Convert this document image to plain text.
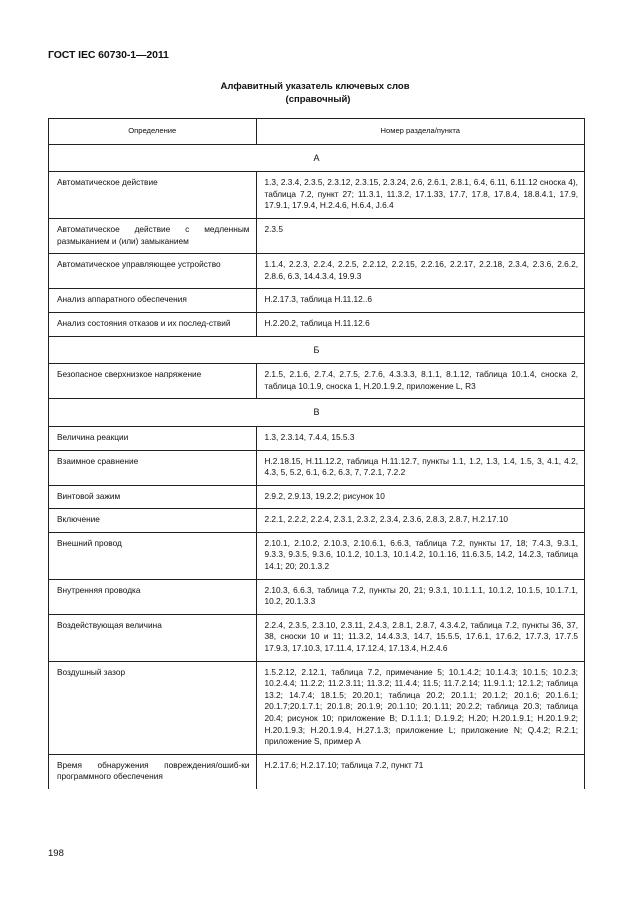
ГОСТ IEC 60730-1—2011
Алфавитный указатель ключевых слов
(справочный)
Определение	Номер раздела/пункта
А	
Автоматическое действие	1.3, 2.3.4, 2.3.5, 2.3.12, 2.3.15, 2.3.24, 2.6, 2.6.1, 2.8.1, 6.4, 6.11, 6.11.12 сноска 4), таблица 7.2, пункт 27; 11.3.1, 11.3.2, 17.1.33, 17.7, 17.8, 17.8.4, 18.8.4.1, 17.9, 17.9.1, 17.9.4, Н.2.4.6, Н.6.4, J.6.4
Автоматическое действие с медленным размыканием и (или) замыканием	2.3.5
Автоматическое управляющее устройство	1.1.4, 2.2.3, 2.2.4, 2.2.5, 2.2.12, 2.2.15, 2.2.16, 2.2.17, 2.2.18, 2.3.4, 2.3.6, 2.6.2, 2.8.6, 6.3, 14.4.3.4, 19.9.3
Анализ аппаратного обеспечения	Н.2.17.3, таблица Н.11.12..6
Анализ состояния отказов и их послед-ствий	Н.2.20.2, таблица Н.11.12.6
Б	
Безопасное сверхнизкое напряжение	2.1.5, 2.1.6, 2.7.4, 2.7.5, 2.7.6, 4.3.3.3, 8.1.1, 8.1.12, таблица 10.1.4, сноска 2, таблица 10.1.9, сноска 1, Н.20.1.9.2, приложение L, R3
В	
Величина реакции	1.3, 2.3.14, 7.4.4, 15.5.3
Взаимное сравнение	Н.2.18.15, Н.11.12.2, таблица Н.11.12.7, пункты 1.1, 1.2, 1.3, 1.4, 1.5, 3, 4.1, 4.2, 4.3, 5, 5.2, 6.1, 6.2, 6.3, 7, 7.2.1, 7.2.2
Винтовой зажим	2.9.2, 2.9.13, 19.2.2; рисунок 10
Включение	2.2.1, 2.2.2, 2.2.4, 2.3.1, 2.3.2, 2.3.4, 2.3.6, 2.8.3, 2.8.7, Н.2.17.10
Внешний провод	2.10.1, 2.10.2, 2.10.3, 2.10.6.1, 6.6.3, таблица 7.2, пункты 17, 18; 7.4.3, 9.3.1, 9.3.3, 9.3.5, 9.3.6, 10.1.2, 10.1.3, 10.1.4.2, 10.1.16, 11.6.3.5, 14.2, 14.2.3, таблица 14.1; 20; 20.1.3.2
Внутренняя проводка	2.10.3, 6.6.3, таблица 7.2, пункты 20, 21; 9.3.1, 10.1.1.1, 10.1.2, 10.1.5, 10.1.7.1, 10.2, 20.1.3.3
Воздействующая величина	2.2.4, 2.3.5, 2.3.10, 2.3.11, 2.4.3, 2.8.1, 2.8.7, 4.3.4.2, таблица 7.2, пункты 36, 37, 38, сноски 10 и 11; 11.3.2, 14.4.3.3, 14.7, 15.5.5, 17.6.1, 17.6.2, 17.7.3, 17.7.5 17.9.3, 17.10.3, 17.11.4, 17.12.4, 17.13.4, Н.2.4.6
Воздушный зазор	1.5.2.12, 2.12.1, таблица 7.2, примечание 5; 10.1.4.2; 10.1.4.3; 10.1.5; 10.2.3; 10.2.4.4; 11.2.2; 11.2.3.11; 11.3.2; 11.4.4; 11.5; 11.7.2.14; 11.9.1.1; 12.1.2; таблица 13.2; 14.7.4; 18.1.5; 20.20.1; таблица 20.2; 20.1.1; 20.1.2; 20.1.6; 20.1.6.1; 20.1.7;20.1.7.1; 20.1.8; 20.1.9; 20.1.10; 20.1.11; 20.2.2; таблица 20.3; таблица 20.4; рисунок 10; приложение В; D.1.1.1; D.1.9.2; Н.20; Н.20.1.9.1; Н.20.1.9.2; Н.20.1.9.3; Н.20.1.9.4, Н.27.1.3; приложение L; приложение N; Q.4.2; R.2.1; приложение S, пример А
Время обнаружения повреждения/ошиб-ки программного обеспечения	Н.2.17.6; Н.2.17.10; таблица 7.2, пункт 71
198
